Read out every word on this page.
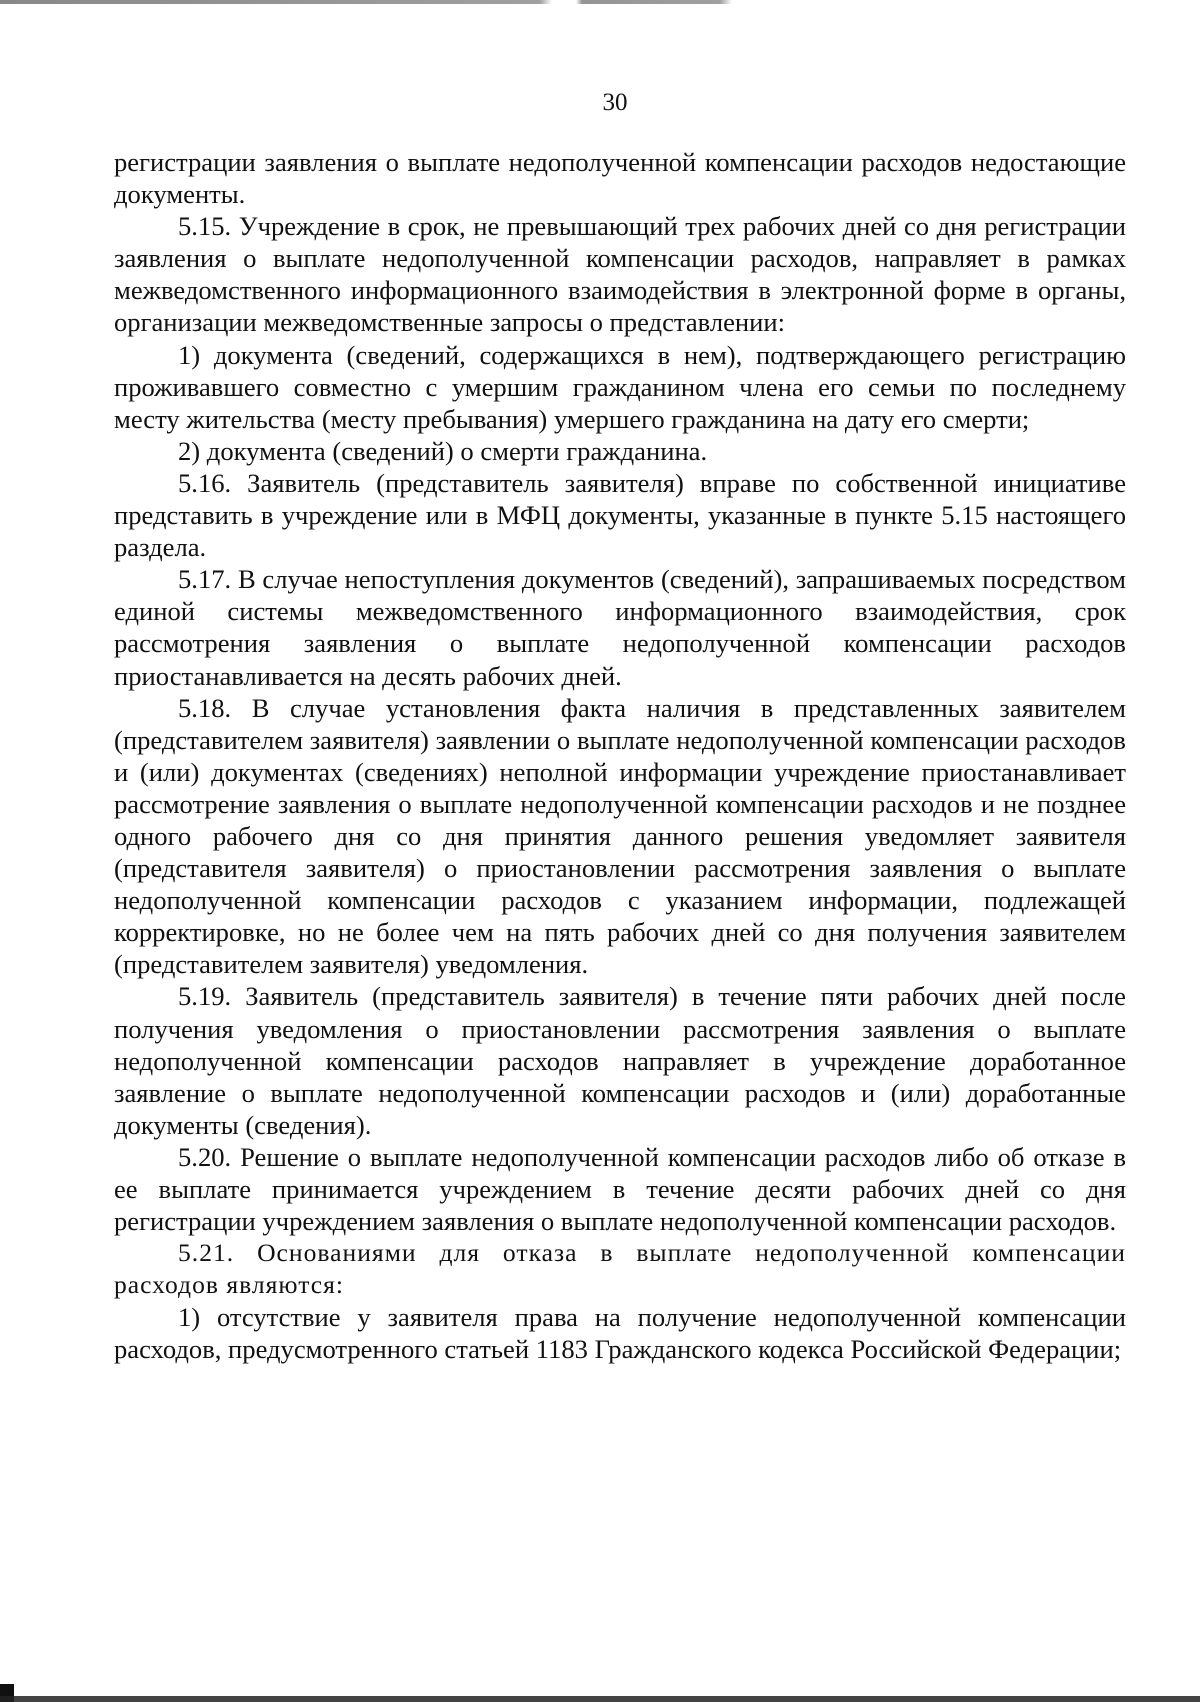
30

регистрации заявления о выплате недополученной компенсации расходов недостающие документы.

5.15. Учреждение в срок, не превышающий трех рабочих дней со дня регистрации заявления о выплате недополученной компенсации расходов, направляет в рамках межведомственного информационного взаимодействия в электронной форме в органы, организации межведомственные запросы о представлении:

1) документа (сведений, содержащихся в нем), подтверждающего регистрацию проживавшего совместно с умершим гражданином члена его семьи по последнему месту жительства (месту пребывания) умершего гражданина на дату его смерти;

2) документа (сведений) о смерти гражданина.

5.16. Заявитель (представитель заявителя) вправе по собственной инициативе представить в учреждение или в МФЦ документы, указанные в пункте 5.15 настоящего раздела.

5.17. В случае непоступления документов (сведений), запрашиваемых посредством единой системы межведомственного информационного взаимодействия, срок рассмотрения заявления о выплате недополученной компенсации расходов приостанавливается на десять рабочих дней.

5.18. В случае установления факта наличия в представленных заявителем (представителем заявителя) заявлении о выплате недополученной компенсации расходов и (или) документах (сведениях) неполной информации учреждение приостанавливает рассмотрение заявления о выплате недополученной компенсации расходов и не позднее одного рабочего дня со дня принятия данного решения уведомляет заявителя (представителя заявителя) о приостановлении рассмотрения заявления о выплате недополученной компенсации расходов с указанием информации, подлежащей корректировке, но не более чем на пять рабочих дней со дня получения заявителем (представителем заявителя) уведомления.

5.19. Заявитель (представитель заявителя) в течение пяти рабочих дней после получения уведомления о приостановлении рассмотрения заявления о выплате недополученной компенсации расходов направляет в учреждение доработанное заявление о выплате недополученной компенсации расходов и (или) доработанные документы (сведения).

5.20. Решение о выплате недополученной компенсации расходов либо об отказе в ее выплате принимается учреждением в течение десяти рабочих дней со дня регистрации учреждением заявления о выплате недополученной компенсации расходов.

5.21. Основаниями для отказа в выплате недополученной компенсации расходов являются:

1) отсутствие у заявителя права на получение недополученной компенсации расходов, предусмотренного статьей 1183 Гражданского кодекса Российской Федерации;
